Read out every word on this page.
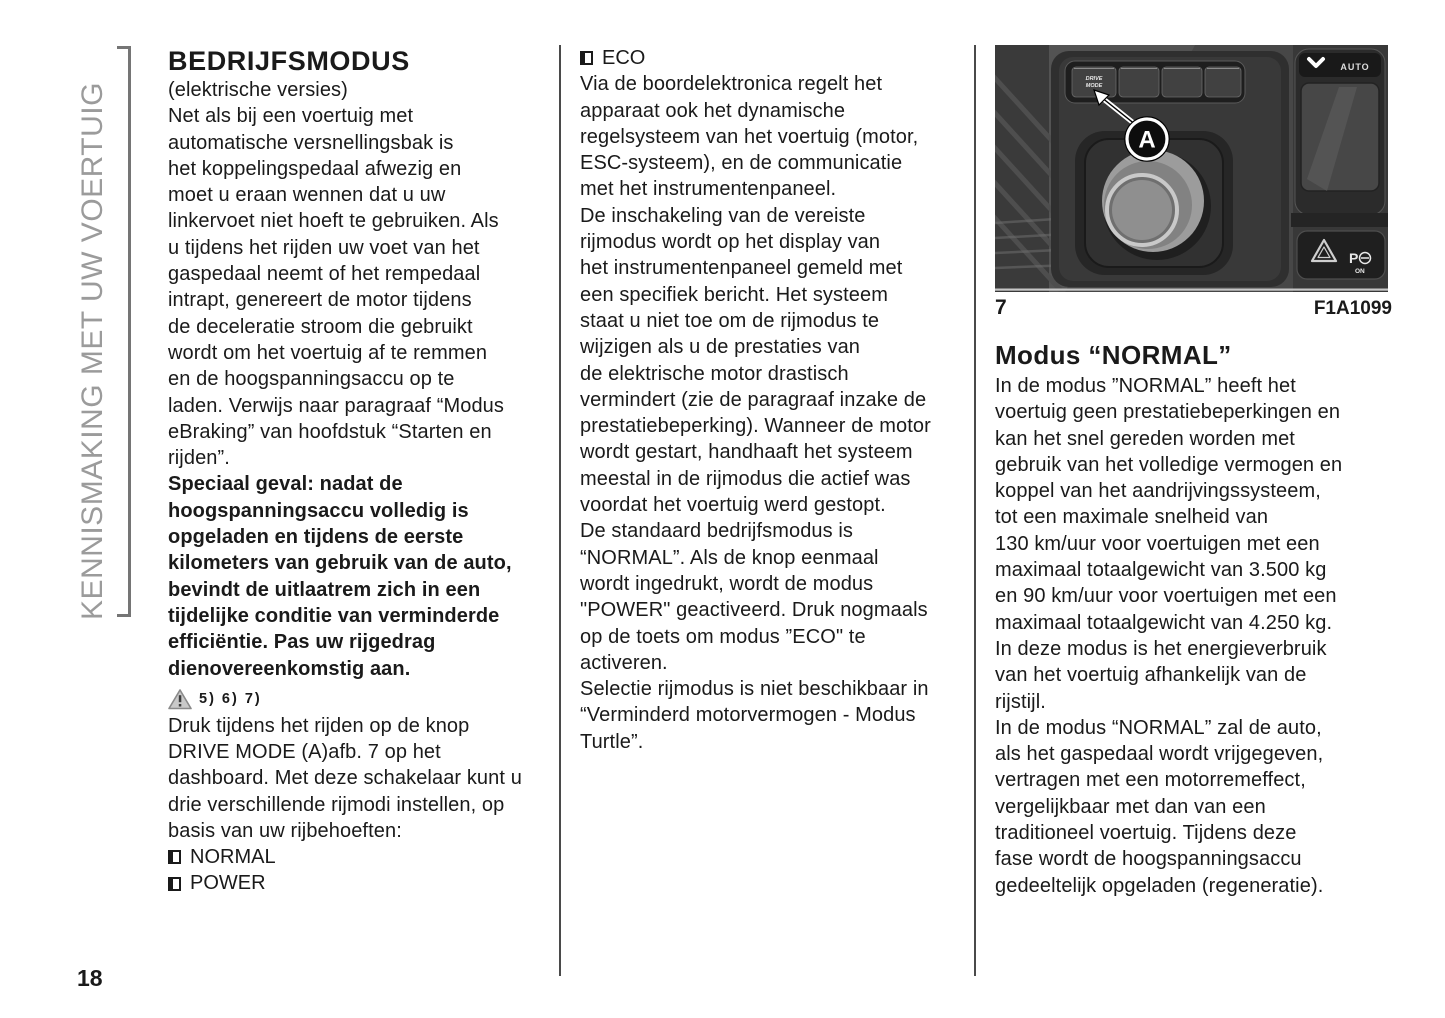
KENNISMAKING MET UW VOERTUIG
BEDRIJFSMODUS
(elektrische versies)
Net als bij een voertuig met
automatische versnellingsbak is
het koppelingspedaal afwezig en
moet u eraan wennen dat u uw
linkervoet niet hoeft te gebruiken. Als
u tijdens het rijden uw voet van het
gaspedaal neemt of het rempedaal
intrapt, genereert de motor tijdens
de deceleratie stroom die gebruikt
wordt om het voertuig af te remmen
en de hoogspanningsaccu op te
laden. Verwijs naar paragraaf “Modus
eBraking” van hoofdstuk “Starten en
rijden”.
Speciaal geval: nadat de
hoogspanningsaccu volledig is
opgeladen en tijdens de eerste
kilometers van gebruik van de auto,
bevindt de uitlaatrem zich in een
tijdelijke conditie van verminderde
efficiëntie. Pas uw rijgedrag
dienovereenkomstig aan.
5) 6) 7)
Druk tijdens het rijden op de knop
DRIVE MODE (A)afb. 7 op het
dashboard. Met deze schakelaar kunt u
drie verschillende rijmodi instellen, op
basis van uw rijbehoeften:
NORMAL
POWER
ECO
Via de boordelektronica regelt het
apparaat ook het dynamische
regelsysteem van het voertuig (motor,
ESC-systeem), en de communicatie
met het instrumentenpaneel.
De inschakeling van de vereiste
rijmodus wordt op het display van
het instrumentenpaneel gemeld met
een specifiek bericht. Het systeem
staat u niet toe om de rijmodus te
wijzigen als u de prestaties van
de elektrische motor drastisch
vermindert (zie de paragraaf inzake de
prestatiebeperking). Wanneer de motor
wordt gestart, handhaaft het systeem
meestal in de rijmodus die actief was
voordat het voertuig werd gestopt.
De standaard bedrijfsmodus is
“NORMAL”. Als de knop eenmaal
wordt ingedrukt, wordt de modus
"POWER" geactiveerd. Druk nogmaals
op de toets om modus ”ECO" te
activeren.
Selectie rijmodus is niet beschikbaar in
“Verminderd motorvermogen - Modus
Turtle”.
DRIVE
MODE
AUTO
P
ON
A
7	F1A1099
Modus “NORMAL”
In de modus ”NORMAL” heeft het
voertuig geen prestatiebeperkingen en
kan het snel gereden worden met
gebruik van het volledige vermogen en
koppel van het aandrijvingssysteem,
tot een maximale snelheid van
130 km/uur voor voertuigen met een
maximaal totaalgewicht van 3.500 kg
en 90 km/uur voor voertuigen met een
maximaal totaalgewicht van 4.250 kg.
In deze modus is het energieverbruik
van het voertuig afhankelijk van de
rijstijl.
In de modus “NORMAL” zal de auto,
als het gaspedaal wordt vrijgegeven,
vertragen met een motorremeffect,
vergelijkbaar met dan van een
traditioneel voertuig. Tijdens deze
fase wordt de hoogspanningsaccu
gedeeltelijk opgeladen (regeneratie).
18
